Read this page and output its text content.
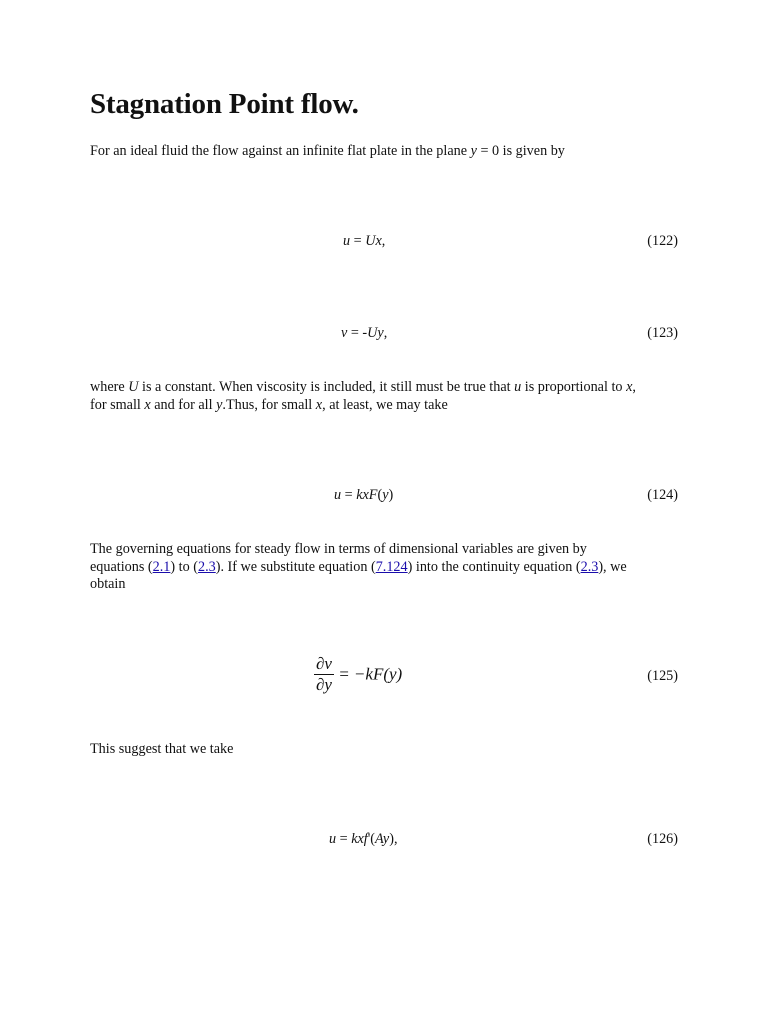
Stagnation Point flow.

For an ideal fluid the flow against an infinite flat plate in the plane y = 0 is given by

u = Ux,	(122)
v = -Uy,	(123)

where U is a constant. When viscosity is included, it still must be true that u is proportional to x,
for small x and for all y.Thus, for small x, at least, we may take

u = kxF(y)	(124)

The governing equations for steady flow in terms of dimensional variables are given by
equations (2.1) to (2.3). If we substitute equation (7.124) into the continuity equation (2.3), we
obtain

$\frac{\partial v}{\partial y} = -kF(y)$	(125)

This suggest that we take

u = kxf'(Ay),	(126)
